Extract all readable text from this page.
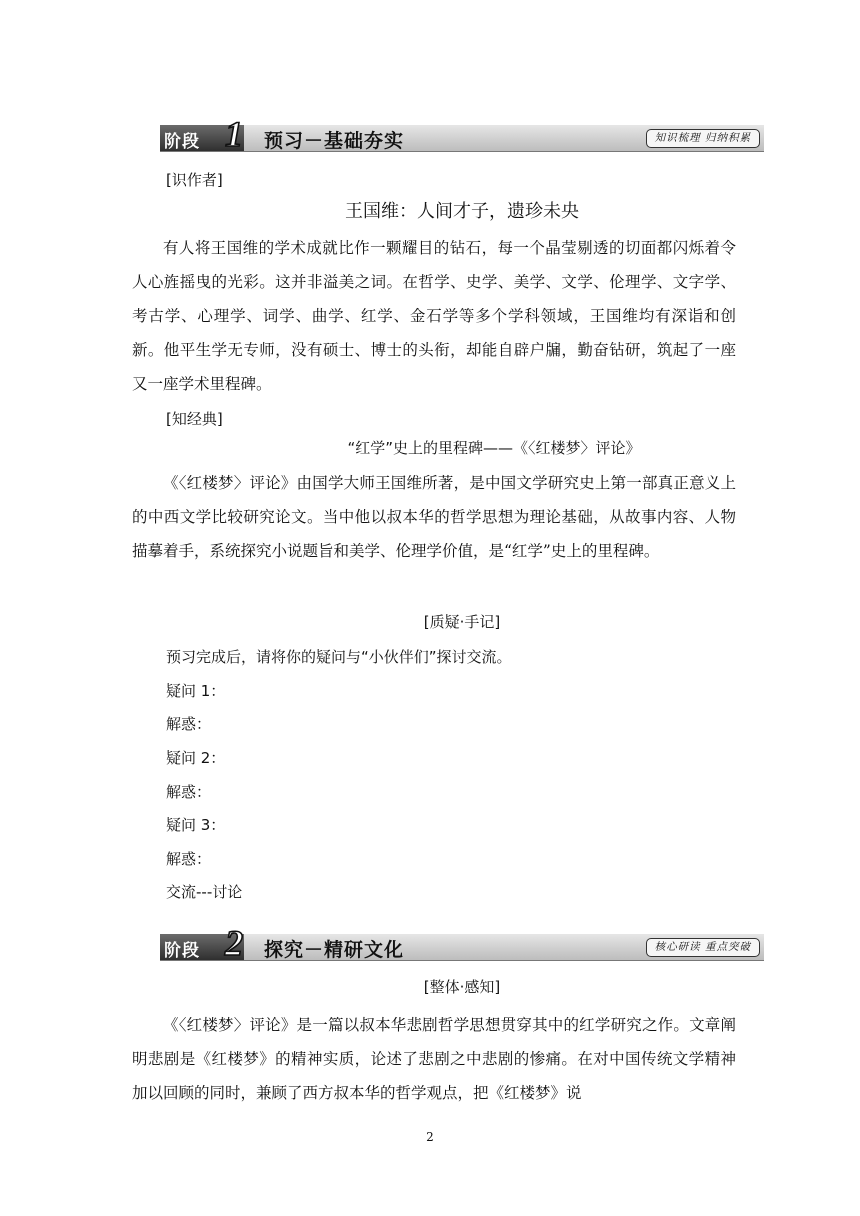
阶段 1 预习－基础夯实	知识梳理 归纳积累
[识作者]
王国维：人间才子，遗珍未央
有人将王国维的学术成就比作一颗耀目的钻石，每一个晶莹剔透的切面都闪烁着令人心旌摇曳的光彩。这并非溢美之词。在哲学、史学、美学、文学、伦理学、文字学、考古学、心理学、词学、曲学、红学、金石学等多个学科领域，王国维均有深诣和创新。他平生学无专师，没有硕士、博士的头衔，却能自辟户牖，勤奋钻研，筑起了一座又一座学术里程碑。
[知经典]
“红学”史上的里程碑——《〈红楼梦〉评论》
《〈红楼梦〉评论》由国学大师王国维所著，是中国文学研究史上第一部真正意义上的中西文学比较研究论文。当中他以叔本华的哲学思想为理论基础，从故事内容、人物描摹着手，系统探究小说题旨和美学、伦理学价值，是“红学”史上的里程碑。
[质疑·手记]
预习完成后，请将你的疑问与“小伙伴们”探讨交流。
疑问 1：
解惑：
疑问 2：
解惑：
疑问 3：
解惑：
交流---讨论
阶段 2 探究－精研文化	核心研读 重点突破
[整体·感知]
《〈红楼梦〉评论》是一篇以叔本华悲剧哲学思想贯穿其中的红学研究之作。文章阐明悲剧是《红楼梦》的精神实质，论述了悲剧之中悲剧的惨痛。在对中国传统文学精神加以回顾的同时，兼顾了西方叔本华的哲学观点，把《红楼梦》说
2
